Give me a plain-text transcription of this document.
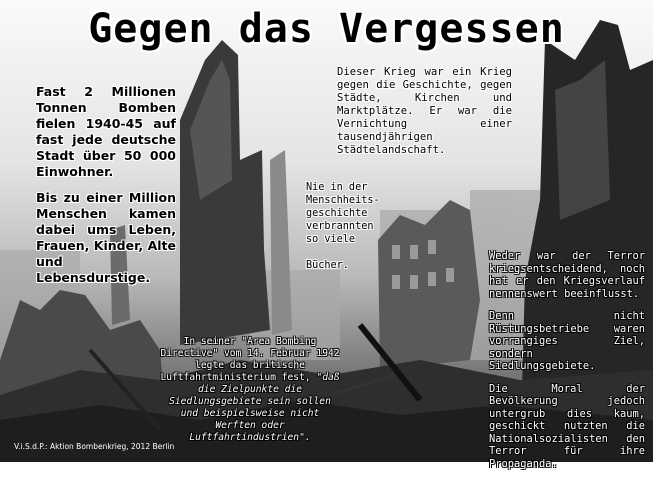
Gegen das Vergessen

Fast 2 Millionen Tonnen Bomben fielen 1940-45 auf fast jede deutsche Stadt über 50 000 Einwohner.

Bis zu einer Million Menschen kamen dabei ums Leben, Frauen, Kinder, Alte und Lebensdurstige.

Dieser Krieg war ein Krieg gegen die Geschichte, gegen Städte, Kirchen und Marktplätze. Er war die Vernichtung einer tausendjährigen Städtelandschaft.
Nie in der
Menschheits-
geschichte
verbrannten
so viele
Bücher.

Weder war der Terror kriegsentscheidend, noch hat er den Kriegsverlauf nennenswert beeinflusst.

Denn nicht Rüstungsbetriebe waren vorrangiges Ziel, sondern Siedlungsgebiete.

Die Moral der Bevölkerung jedoch untergrub dies kaum, geschickt nutzten die Nationalsozialisten den Terror für ihre Propaganda.

In seiner "Area Bombing Directive" vom 14. Februar 1942 legte das britische Luftfahrtministerium fest, "daß die Zielpunkte die Siedlungsgebiete sein sollen und beispielsweise nicht Werften oder Luftfahrtindustrien".
V.i.S.d.P.: Aktion Bombenkrieg, 2012 Berlin
